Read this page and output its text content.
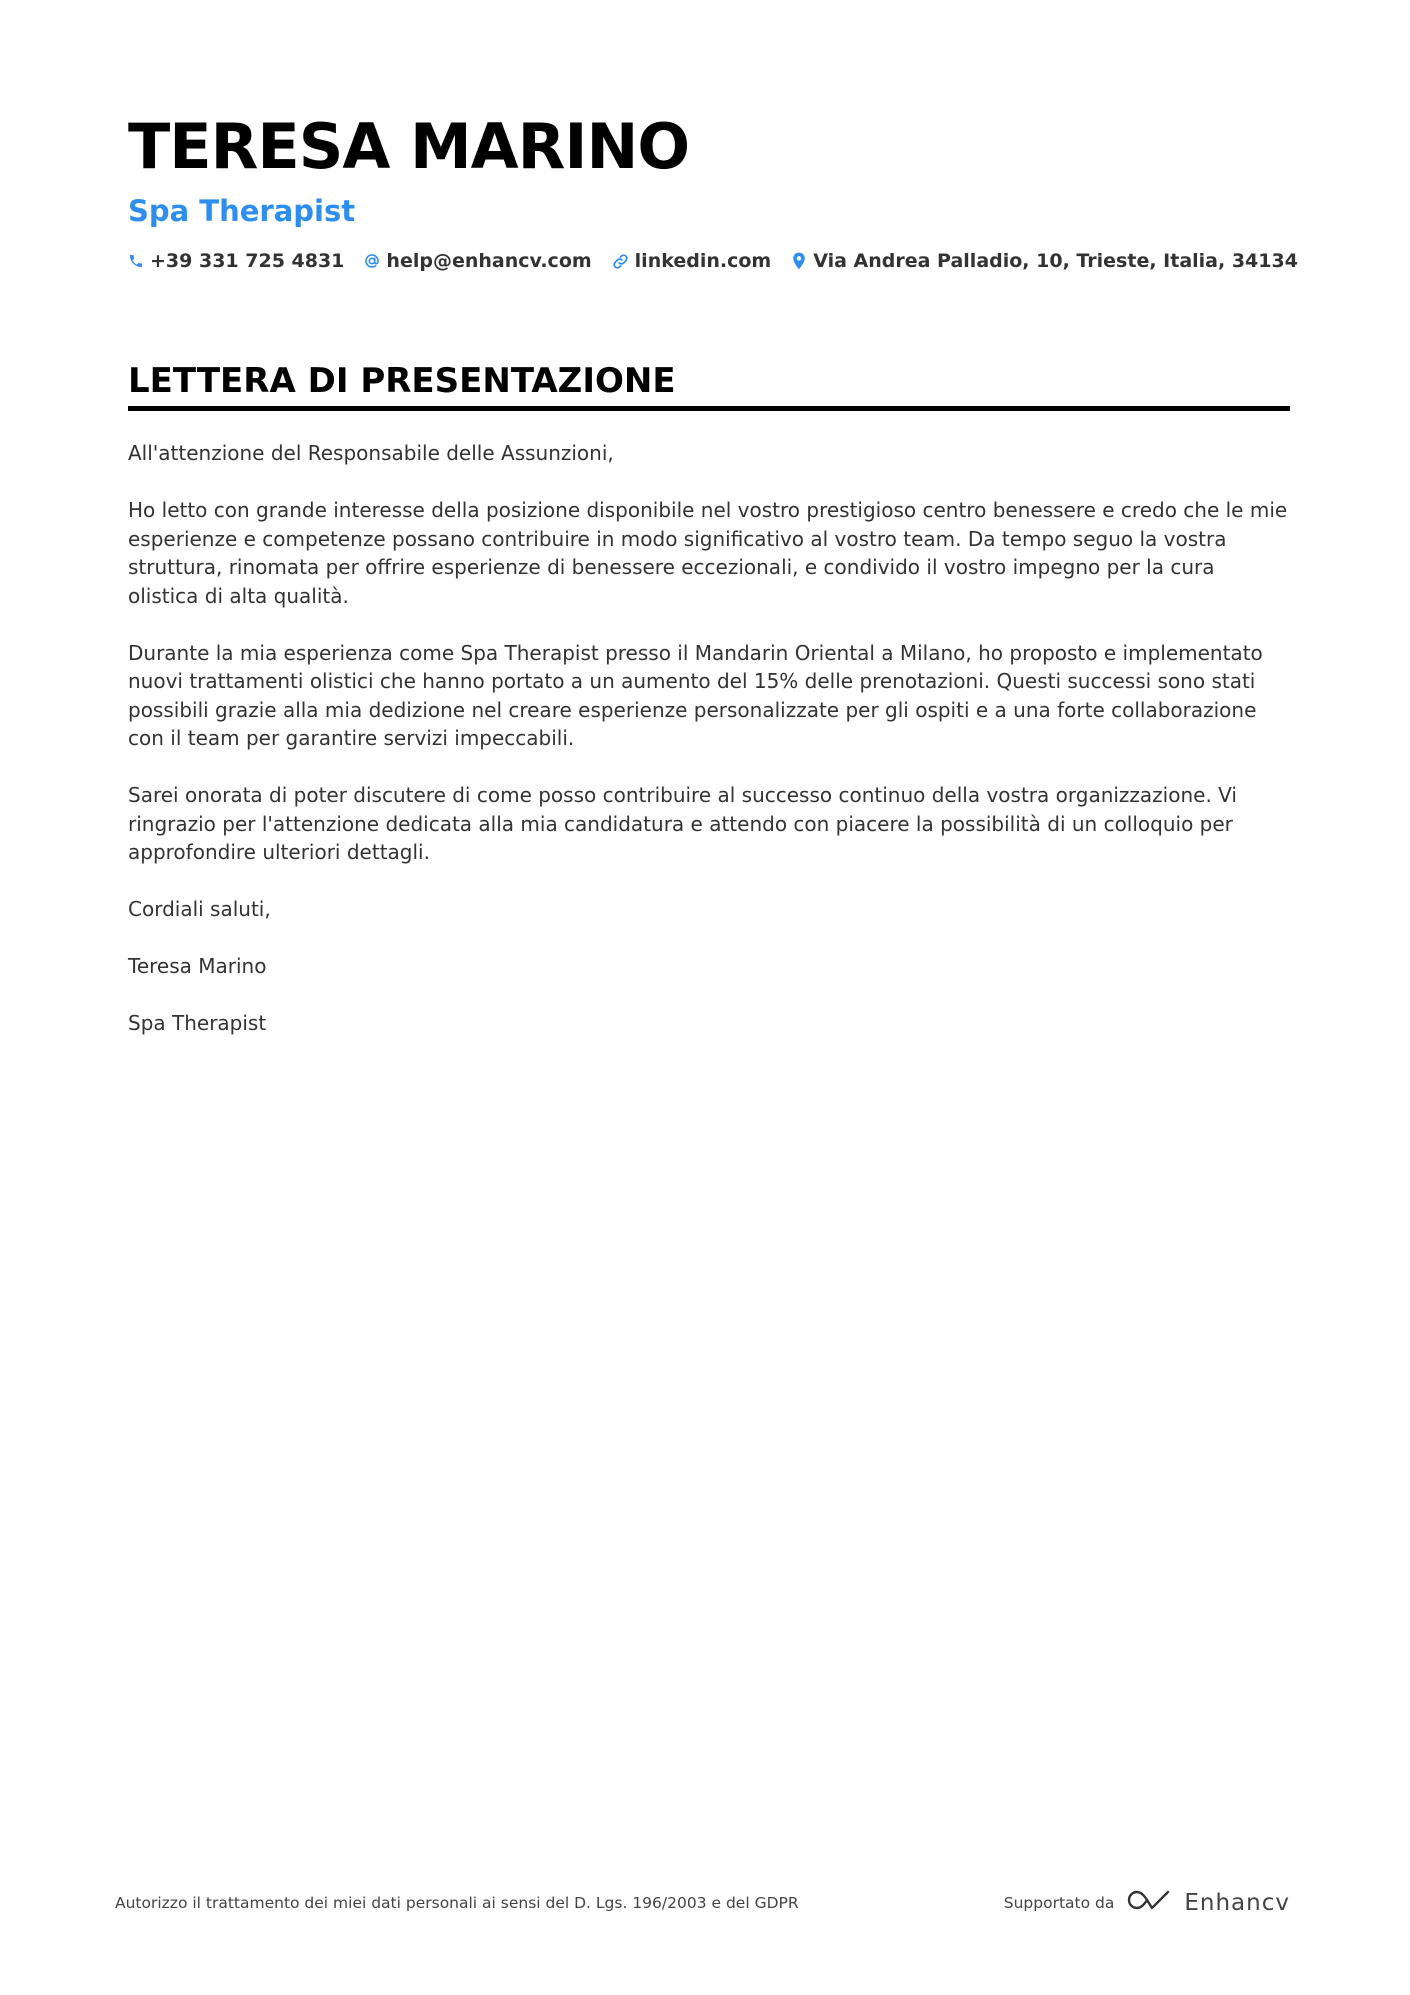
TERESA MARINO
Spa Therapist
+39 331 725 4831 help@enhancv.com linkedin.com Via Andrea Palladio, 10, Trieste, Italia, 34134
LETTERA DI PRESENTAZIONE

All'attenzione del Responsabile delle Assunzioni,

Ho letto con grande interesse della posizione disponibile nel vostro prestigioso centro benessere e credo che le mie esperienze e competenze possano contribuire in modo significativo al vostro team. Da tempo seguo la vostra struttura, rinomata per offrire esperienze di benessere eccezionali, e condivido il vostro impegno per la cura olistica di alta qualità.

Durante la mia esperienza come Spa Therapist presso il Mandarin Oriental a Milano, ho proposto e implementato nuovi trattamenti olistici che hanno portato a un aumento del 15% delle prenotazioni. Questi successi sono stati possibili grazie alla mia dedizione nel creare esperienze personalizzate per gli ospiti e a una forte collaborazione con il team per garantire servizi impeccabili.

Sarei onorata di poter discutere di come posso contribuire al successo continuo della vostra organizzazione. Vi ringrazio per l'attenzione dedicata alla mia candidatura e attendo con piacere la possibilità di un colloquio per approfondire ulteriori dettagli.

Cordiali saluti,

Teresa Marino

Spa Therapist

Autorizzo il trattamento dei miei dati personali ai sensi del D. Lgs. 196/2003 e del GDPR	Supportato da	Enhancv
